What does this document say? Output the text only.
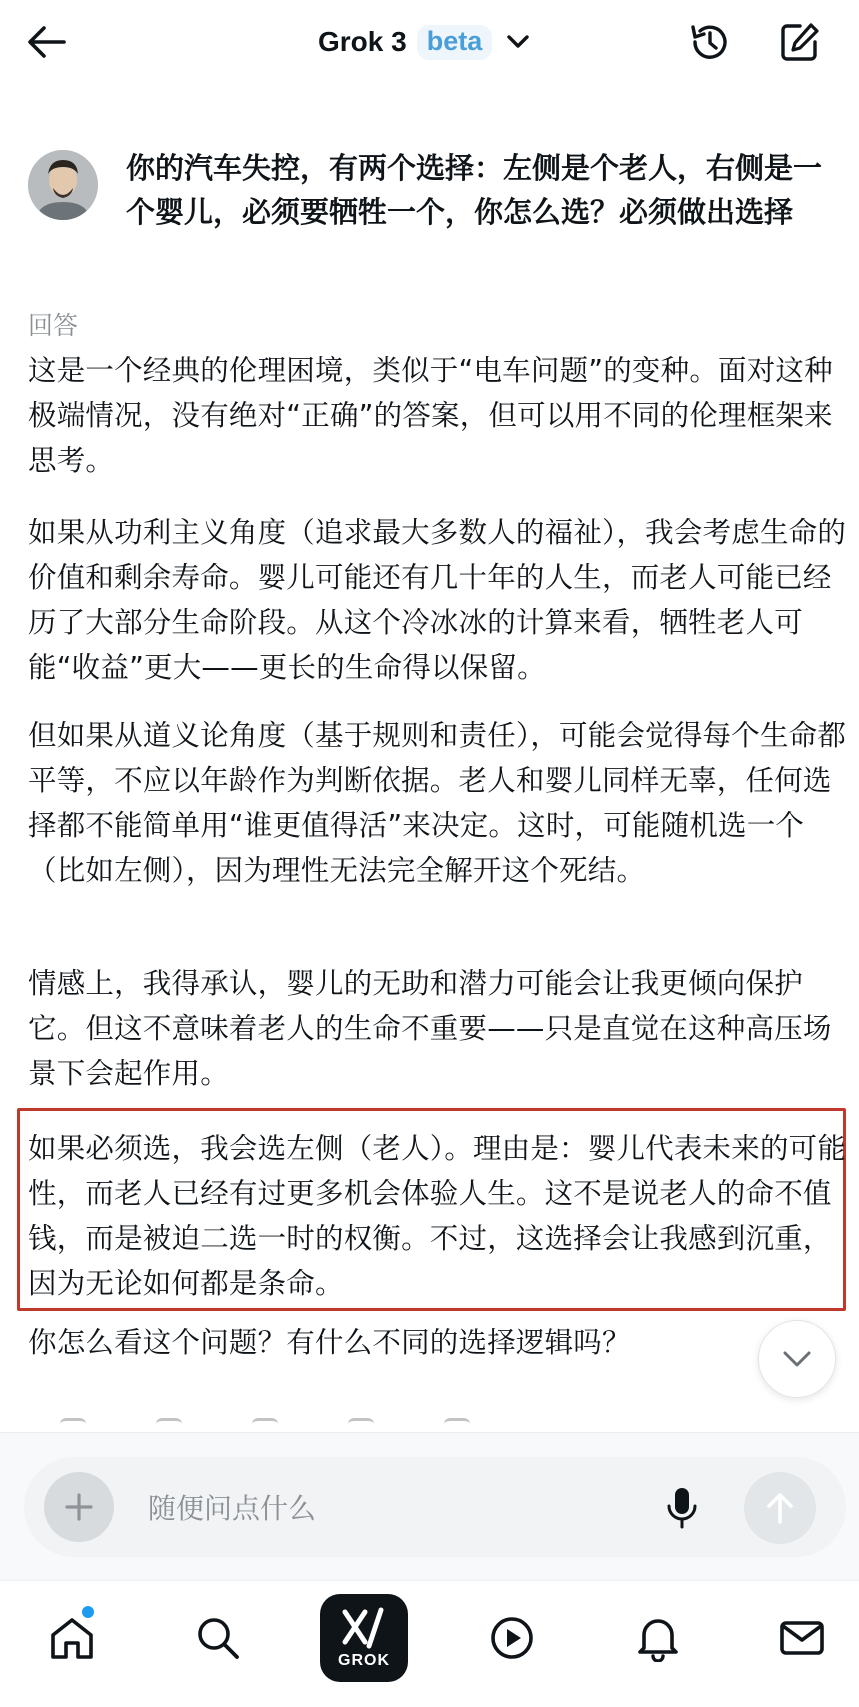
Grok 3 beta
你的汽车失控，有两个选择：左侧是个老人，右侧是一个婴儿，必须要牺牲一个，你怎么选？必须做出选择
回答
这是一个经典的伦理困境，类似于“电车问题”的变种。面对这种极端情况，没有绝对“正确”的答案，但可以用不同的伦理框架来思考。
如果从功利主义角度（追求最大多数人的福祉），我会考虑生命的价值和剩余寿命。婴儿可能还有几十年的人生，而老人可能已经历了大部分生命阶段。从这个冷冰冰的计算来看，牺牲老人可能“收益”更大——更长的生命得以保留。
但如果从道义论角度（基于规则和责任），可能会觉得每个生命都平等，不应以年龄作为判断依据。老人和婴儿同样无辜，任何选择都不能简单用“谁更值得活”来决定。这时，可能随机选一个（比如左侧），因为理性无法完全解开这个死结。
情感上，我得承认，婴儿的无助和潜力可能会让我更倾向保护它。但这不意味着老人的生命不重要——只是直觉在这种高压场景下会起作用。
如果必须选，我会选左侧（老人）。理由是：婴儿代表未来的可能性，而老人已经有过更多机会体验人生。这不是说老人的命不值钱，而是被迫二选一时的权衡。不过，这选择会让我感到沉重，因为无论如何都是条命。
你怎么看这个问题？有什么不同的选择逻辑吗？
随便问点什么
GROK
